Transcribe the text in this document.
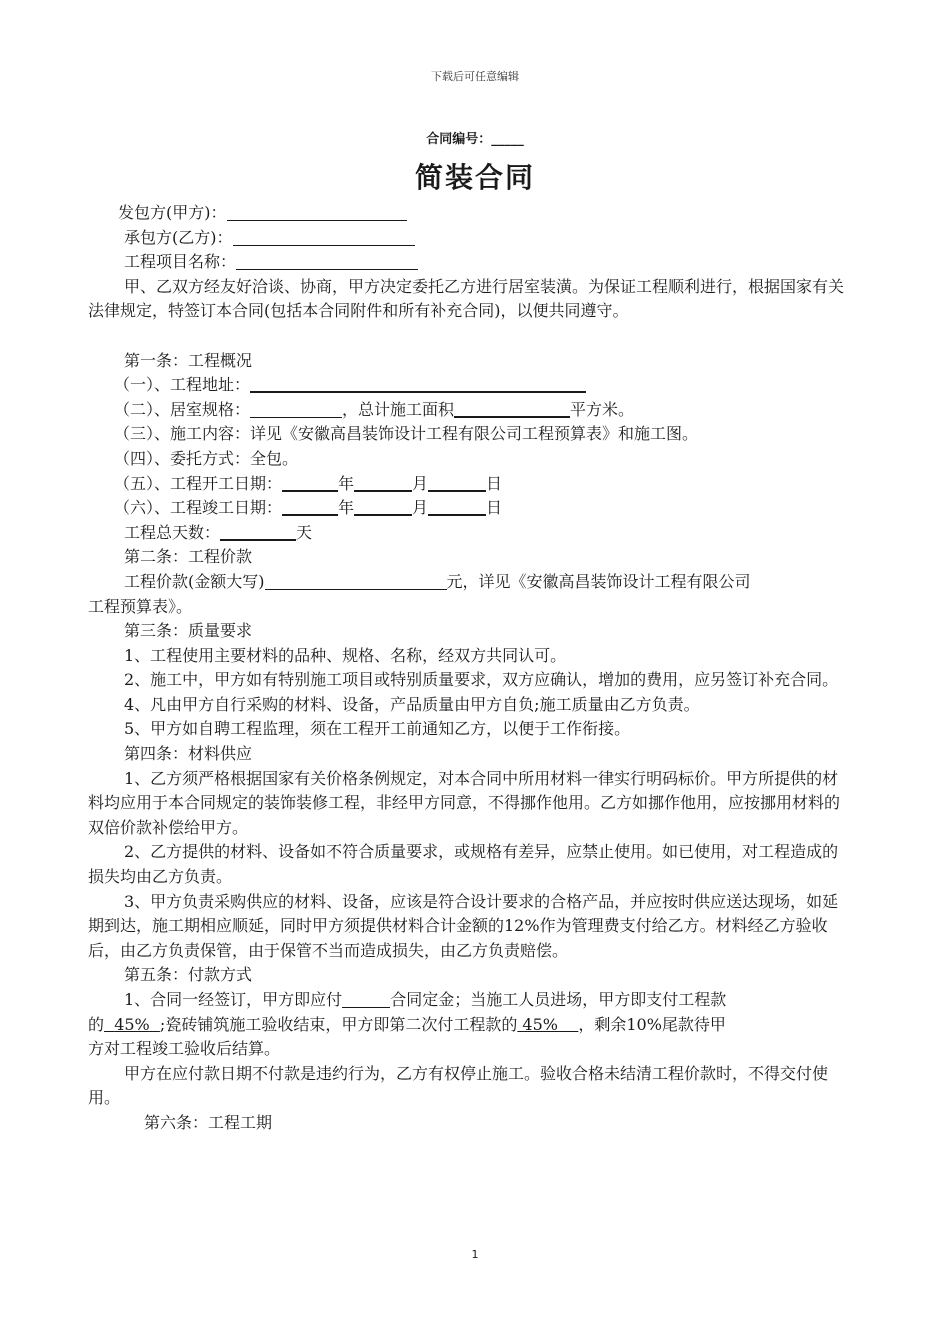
下载后可任意编辑
合同编号：_____
简装合同

发包方(甲方)：

承包方(乙方)：

工程项目名称：

甲、乙双方经友好洽谈、协商，甲方决定委托乙方进行居室装潢。为保证工程顺利进行，根据国家有关法律规定，特签订本合同(包括本合同附件和所有补充合同)，以便共同遵守。

第一条：工程概况

（一）、工程地址：

（二）、居室规格：	，总计施工面积	平方米。

（三）、施工内容：详见《安徽高昌装饰设计工程有限公司工程预算表》和施工图。

（四）、委托方式：全包。

（五）、工程开工日期：	年	月	日

（六）、工程竣工日期：	年	月	日

工程总天数：	天

第二条：工程价款

工程价款(金额大写)	元，详见《安徽高昌装饰设计工程有限公司

工程预算表》。

第三条：质量要求

1、工程使用主要材料的品种、规格、名称，经双方共同认可。

2、施工中，甲方如有特别施工项目或特别质量要求，双方应确认，增加的费用，应另签订补充合同。

4、凡由甲方自行采购的材料、设备，产品质量由甲方自负;施工质量由乙方负责。

5、甲方如自聘工程监理，须在工程开工前通知乙方，以便于工作衔接。

第四条：材料供应

1、乙方须严格根据国家有关价格条例规定，对本合同中所用材料一律实行明码标价。甲方所提供的材料均应用于本合同规定的装饰装修工程，非经甲方同意，不得挪作他用。乙方如挪作他用，应按挪用材料的双倍价款补偿给甲方。

2、乙方提供的材料、设备如不符合质量要求，或规格有差异，应禁止使用。如已使用，对工程造成的损失均由乙方负责。

3、甲方负责采购供应的材料、设备，应该是符合设计要求的合格产品，并应按时供应送达现场，如延期到达，施工期相应顺延，同时甲方须提供材料合计金额的12%作为管理费支付给乙方。材料经乙方验收后，由乙方负责保管，由于保管不当而造成损失，由乙方负责赔偿。

第五条：付款方式

1、合同一经签订，甲方即应付	合同定金；当施工人员进场，甲方即支付工程款

的 45% ;瓷砖铺筑施工验收结束，甲方即第二次付工程款的 45% ，剩余10%尾款待甲

方对工程竣工验收后结算。

甲方在应付款日期不付款是违约行为，乙方有权停止施工。验收合格未结清工程价款时，不得交付使用。

第六条：工程工期

1
